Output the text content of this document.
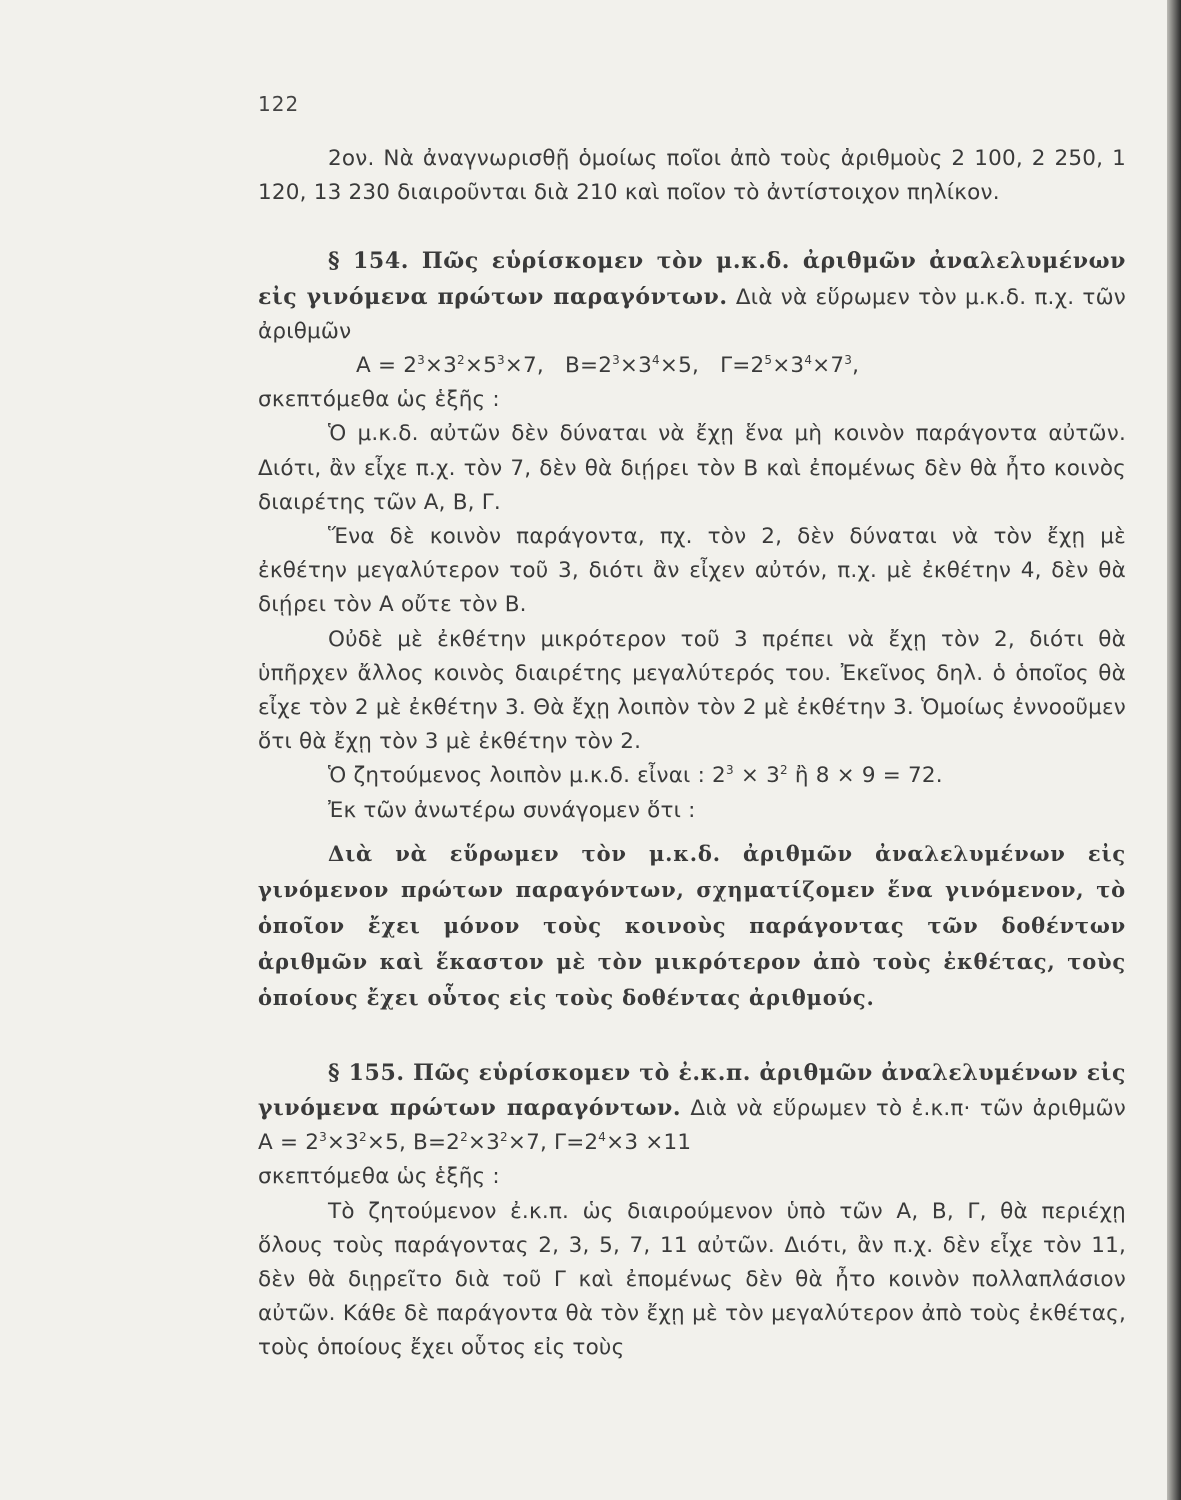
122

2ον. Νὰ ἀναγνωρισθῇ ὁμοίως ποῖοι ἀπὸ τοὺς ἀριθμοὺς 2 100, 2 250, 1 120, 13 230 διαιροῦνται διὰ 210 καὶ ποῖον τὸ ἀντίστοιχον πηλίκον.

§ 154. Πῶς εὑρίσκομεν τὸν μ.κ.δ. ἀριθμῶν ἀναλελυμένων εἰς γινόμενα πρώτων παραγόντων. Διὰ νὰ εὕρωμεν τὸν μ.κ.δ. π.χ. τῶν ἀριθμῶν

$A = 2^3\times 3^2\times 5^3\times 7$,   $B=2^3\times 3^4\times 5$,   $\Gamma=2^5\times 3^4\times 7^3$,

σκεπτόμεθα ὡς ἑξῆς :

Ὁ μ.κ.δ. αὐτῶν δὲν δύναται νὰ ἔχῃ ἕνα μὴ κοινὸν παράγοντα αὐτῶν. Διότι, ἂν εἶχε π.χ. τὸν 7, δὲν θὰ διῄρει τὸν Β καὶ ἐπομένως δὲν θὰ ἦτο κοινὸς διαιρέτης τῶν Α, Β, Γ.

Ἕνα δὲ κοινὸν παράγοντα, πχ. τὸν 2, δὲν δύναται νὰ τὸν ἔχῃ μὲ ἐκθέτην μεγαλύτερον τοῦ 3, διότι ἂν εἶχεν αὐτόν, π.χ. μὲ ἐκθέτην 4, δὲν θὰ διῄρει τὸν Α οὔτε τὸν Β.

Οὐδὲ μὲ ἐκθέτην μικρότερον τοῦ 3 πρέπει νὰ ἔχῃ τὸν 2, διότι θὰ ὑπῆρχεν ἄλλος κοινὸς διαιρέτης μεγαλύτερός του. Ἐκεῖνος δηλ. ὁ ὁποῖος θὰ εἶχε τὸν 2 μὲ ἐκθέτην 3. Θὰ ἔχῃ λοιπὸν τὸν 2 μὲ ἐκθέτην 3. Ὁμοίως ἐννοοῦμεν ὅτι θὰ ἔχῃ τὸν 3 μὲ ἐκθέτην τὸν 2.

Ὁ ζητούμενος λοιπὸν μ.κ.δ. εἶναι : $2^3 \times 3^2$ ἢ 8 × 9 = 72.

Ἐκ τῶν ἀνωτέρω συνάγομεν ὅτι :

Διὰ νὰ εὕρωμεν τὸν μ.κ.δ. ἀριθμῶν ἀναλελυμένων εἰς γινόμενον πρώτων παραγόντων, σχηματίζομεν ἕνα γινόμενον, τὸ ὁποῖον ἔχει μόνον τοὺς κοινοὺς παράγοντας τῶν δοθέντων ἀριθμῶν καὶ ἕκαστον μὲ τὸν μικρότερον ἀπὸ τοὺς ἐκθέτας, τοὺς ὁποίους ἔχει οὗτος εἰς τοὺς δοθέντας ἀριθμούς.

§ 155. Πῶς εὑρίσκομεν τὸ ἐ.κ.π. ἀριθμῶν ἀναλελυμένων εἰς γινόμενα πρώτων παραγόντων. Διὰ νὰ εὕρωμεν τὸ ἐ.κ.π· τῶν ἀριθμῶν $A = 2^3\times 3^2\times 5$, $B=2^2\times 3^2\times 7$, $\Gamma=2^4\times 3 \times 11$

σκεπτόμεθα ὡς ἑξῆς :

Τὸ ζητούμενον ἐ.κ.π. ὡς διαιρούμενον ὑπὸ τῶν Α, Β, Γ, θὰ περιέχῃ ὅλους τοὺς παράγοντας 2, 3, 5, 7, 11 αὐτῶν. Διότι, ἂν π.χ. δὲν εἶχε τὸν 11, δὲν θὰ διῃρεῖτο διὰ τοῦ Γ καὶ ἐπομένως δὲν θὰ ἦτο κοινὸν πολλαπλάσιον αὐτῶν. Κάθε δὲ παράγοντα θὰ τὸν ἔχῃ μὲ τὸν μεγαλύτερον ἀπὸ τοὺς ἐκθέτας, τοὺς ὁποίους ἔχει οὗτος εἰς τοὺς
